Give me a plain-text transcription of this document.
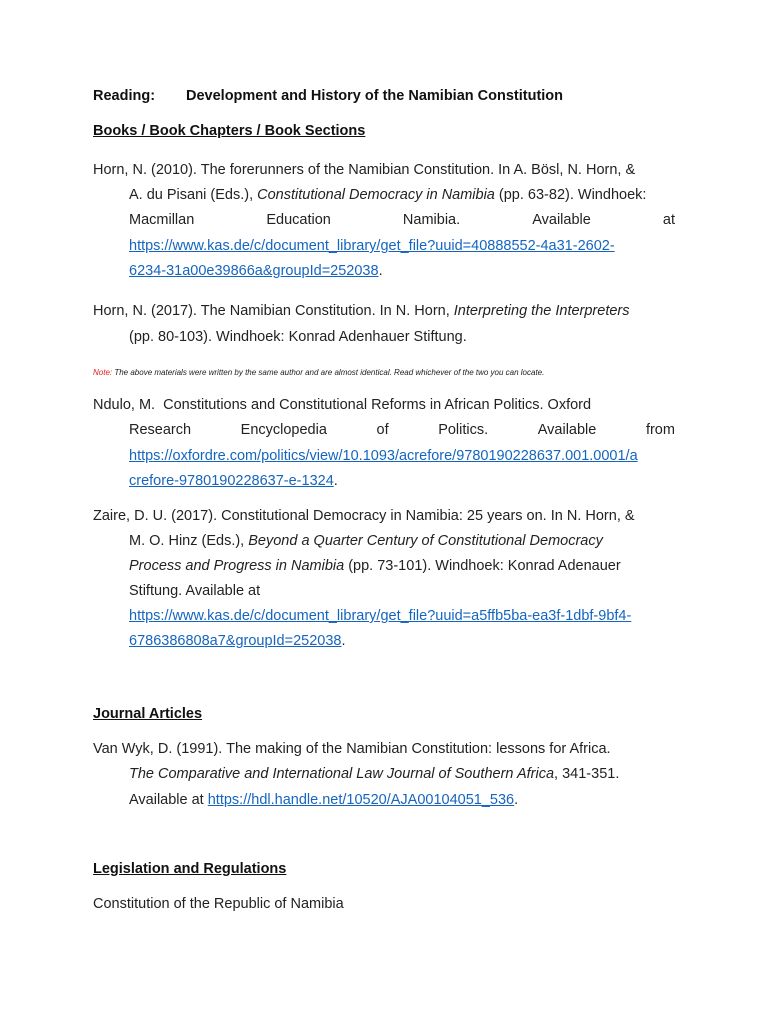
Reading: Development and History of the Namibian Constitution
Books / Book Chapters / Book Sections
Horn, N. (2010). The forerunners of the Namibian Constitution. In A. Bösl, N. Horn, &
A. du Pisani (Eds.), Constitutional Democracy in Namibia (pp. 63-82). Windhoek:
Macmillan	Education	Namibia.	Available	at
https://www.kas.de/c/document_library/get_file?uuid=40888552-4a31-2602-
6234-31a00e39866a&groupId=252038.
Horn, N. (2017). The Namibian Constitution. In N. Horn, Interpreting the Interpreters
(pp. 80-103). Windhoek: Konrad Adenhauer Stiftung.
Note: The above materials were written by the same author and are almost identical. Read whichever of the two you can locate.
Ndulo, M.  Constitutions and Constitutional Reforms in African Politics. Oxford
Research	Encyclopedia	of	Politics.	Available	from
https://oxfordre.com/politics/view/10.1093/acrefore/9780190228637.001.0001/a
crefore-9780190228637-e-1324.
Zaire, D. U. (2017). Constitutional Democracy in Namibia: 25 years on. In N. Horn, &
M. O. Hinz (Eds.), Beyond a Quarter Century of Constitutional Democracy
Process and Progress in Namibia (pp. 73-101). Windhoek: Konrad Adenauer
Stiftung. Available at
https://www.kas.de/c/document_library/get_file?uuid=a5ffb5ba-ea3f-1dbf-9bf4-
6786386808a7&groupId=252038.
Journal Articles
Van Wyk, D. (1991). The making of the Namibian Constitution: lessons for Africa.
The Comparative and International Law Journal of Southern Africa, 341-351.
Available at https://hdl.handle.net/10520/AJA00104051_536.
Legislation and Regulations
Constitution of the Republic of Namibia
